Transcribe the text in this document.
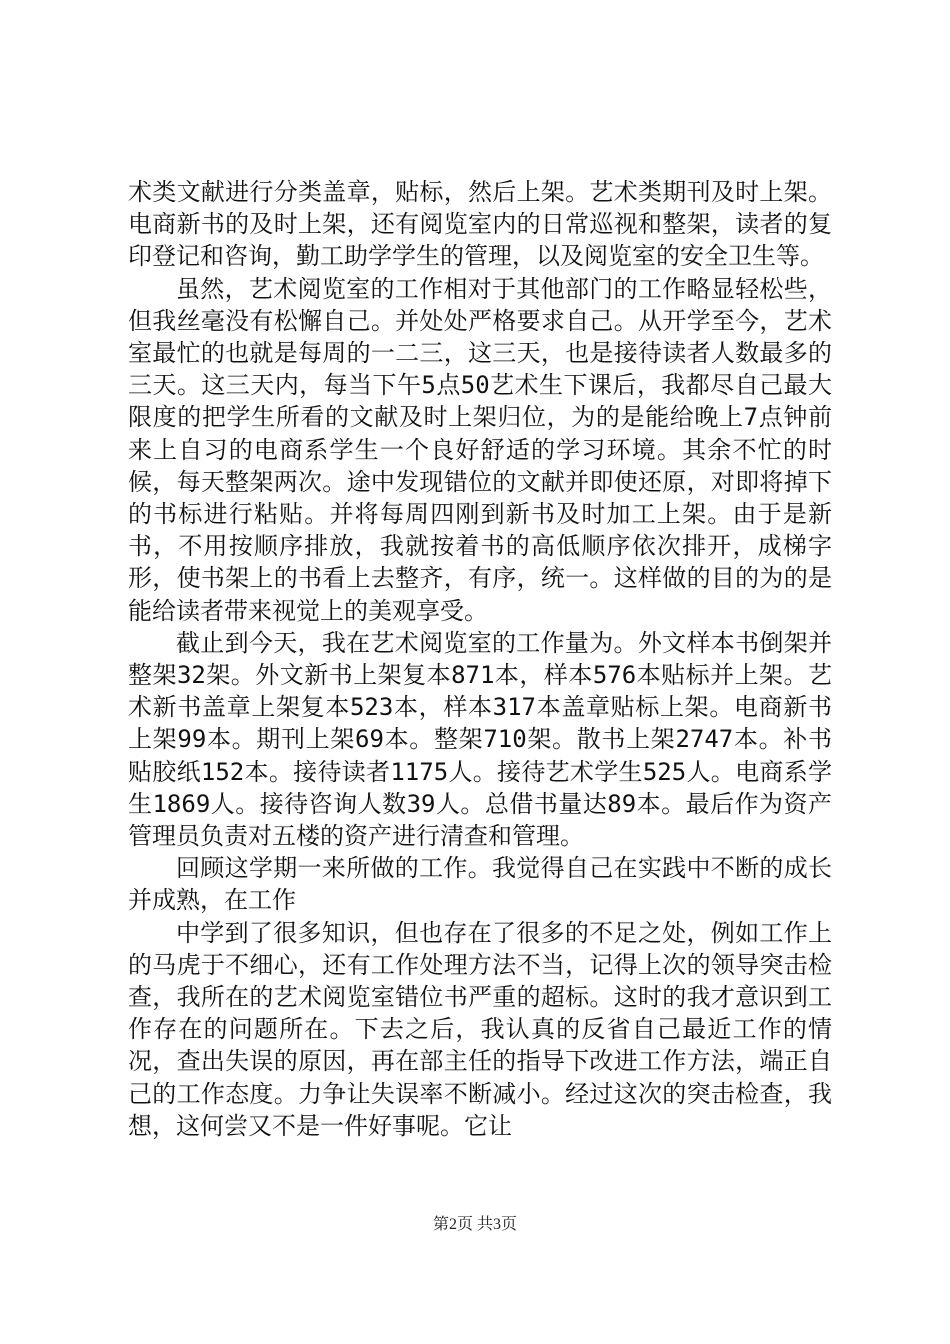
术类文献进行分类盖章，贴标，然后上架。艺术类期刊及时上架。电商新书的及时上架，还有阅览室内的日常巡视和整架，读者的复印登记和咨询，勤工助学学生的管理，以及阅览室的安全卫生等。

虽然，艺术阅览室的工作相对于其他部门的工作略显轻松些，但我丝毫没有松懈自己。并处处严格要求自己。从开学至今，艺术室最忙的也就是每周的一二三，这三天，也是接待读者人数最多的三天。这三天内，每当下午5点50艺术生下课后，我都尽自己最大限度的把学生所看的文献及时上架归位，为的是能给晚上7点钟前来上自习的电商系学生一个良好舒适的学习环境。其余不忙的时候，每天整架两次。途中发现错位的文献并即使还原，对即将掉下的书标进行粘贴。并将每周四刚到新书及时加工上架。由于是新书，不用按顺序排放，我就按着书的高低顺序依次排开，成梯字形，使书架上的书看上去整齐，有序，统一。这样做的目的为的是能给读者带来视觉上的美观享受。

截止到今天，我在艺术阅览室的工作量为。外文样本书倒架并整架32架。外文新书上架复本871本，样本576本贴标并上架。艺术新书盖章上架复本523本，样本317本盖章贴标上架。电商新书上架99本。期刊上架69本。整架710架。散书上架2747本。补书贴胶纸152本。接待读者1175人。接待艺术学生525人。电商系学生1869人。接待咨询人数39人。总借书量达89本。最后作为资产管理员负责对五楼的资产进行清查和管理。

回顾这学期一来所做的工作。我觉得自己在实践中不断的成长并成熟，在工作

中学到了很多知识，但也存在了很多的不足之处，例如工作上的马虎于不细心，还有工作处理方法不当，记得上次的领导突击检查，我所在的艺术阅览室错位书严重的超标。这时的我才意识到工作存在的问题所在。下去之后，我认真的反省自己最近工作的情况，查出失误的原因，再在部主任的指导下改进工作方法，端正自己的工作态度。力争让失误率不断减小。经过这次的突击检查，我想，这何尝又不是一件好事呢。它让

第2页 共3页
